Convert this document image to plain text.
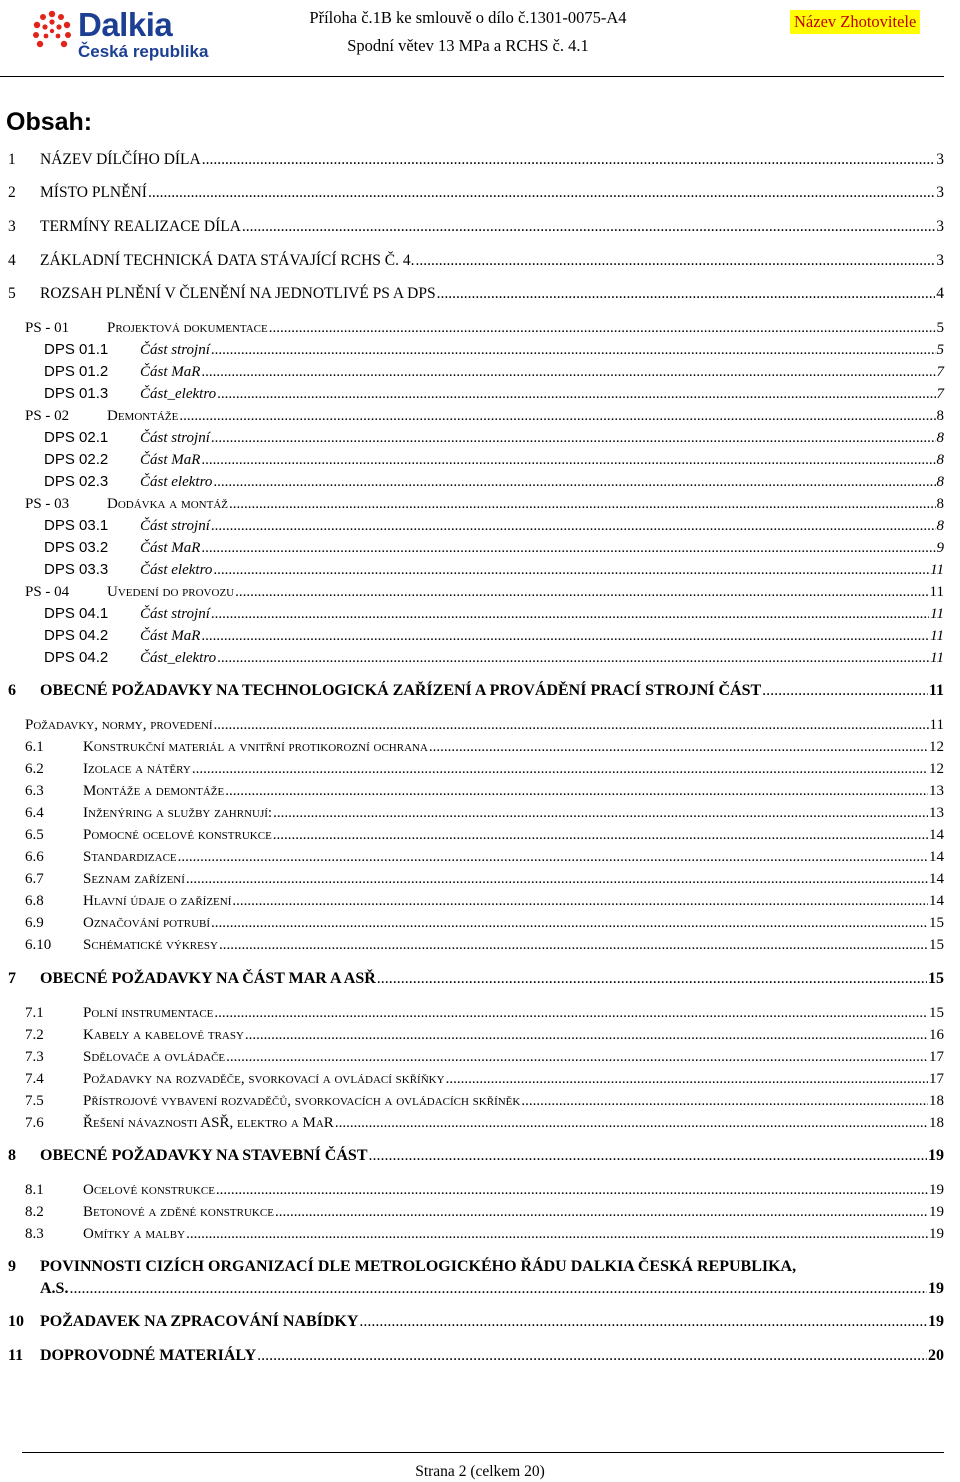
Dalkia
Česká republika
Příloha č.1B ke smlouvě o dílo č.1301-0075-A4
Spodní větev 13 MPa a RCHS č. 4.1
Název Zhotovitele
Obsah:
1 NÁZEV DÍLČÍHO DÍLA .....	3
2 MÍSTO PLNĚNÍ .....	3
3 TERMÍNY REALIZACE DÍLA .....	3
4 ZÁKLADNÍ TECHNICKÁ DATA STÁVAJÍCÍ RCHS Č. 4. .....	3
5 ROZSAH PLNĚNÍ V ČLENĚNÍ NA JEDNOTLIVÉ PS A DPS .....	4
PS - 01	Projektová dokumentace .....	5
DPS 01.1 Část strojní .....	5
DPS 01.2 Část MaR .....	7
DPS 01.3 Část_elektro .....	7
PS - 02	Demontáže .....	8
DPS 02.1 Část strojní .....	8
DPS 02.2 Část MaR .....	8
DPS 02.3 Část elektro .....	8
PS - 03	Dodávka a montáž .....	8
DPS 03.1 Část strojní .....	8
DPS 03.2 Část MaR .....	9
DPS 03.3 Část elektro .....	11
PS - 04	Uvedení do provozu .....	11
DPS 04.1 Část strojní .....	11
DPS 04.2 Část MaR .....	11
DPS 04.2 Část_elektro .....	11
6 OBECNÉ POŽADAVKY NA TECHNOLOGICKÁ ZAŘÍZENÍ A PROVÁDĚNÍ PRACÍ STROJNÍ ČÁST .....	11
Požadavky, normy, provedení .....	11
6.1	Konstrukční materiál a vnitřní protikorozní ochrana .....	12
6.2	Izolace a nátěry .....	12
6.3	Montáže a demontáže .....	13
6.4	Inženýring a služby zahrnují: .....	13
6.5	Pomocné ocelové konstrukce .....	14
6.6	Standardizace .....	14
6.7	Seznam zařízení .....	14
6.8	Hlavní údaje o zařízení .....	14
6.9	Označování potrubí .....	15
6.10 Schématické výkresy .....	15
7 OBECNÉ POŽADAVKY NA ČÁST MAR A ASŘ .....	15
7.1	Polní instrumentace .....	15
7.2	Kabely a kabelové trasy .....	16
7.3	Sdělovače a ovládače .....	17
7.4	Požadavky na rozvaděče, svorkovací a ovládací skříňky .....	17
7.5	Přístrojové vybavení rozvaděčů, svorkovacích a ovládacích skříněk .....	18
7.6	Řešení návaznosti ASŘ, elektro a MaR .....	18
8 OBECNÉ POŽADAVKY NA STAVEBNÍ ČÁST .....	19
8.1	Ocelové konstrukce .....	19
8.2	Betonové a zděné konstrukce .....	19
8.3	Omítky a malby .....	19
9 POVINNOSTI CIZÍCH ORGANIZACÍ DLE METROLOGICKÉHO ŘÁDU DALKIA ČESKÁ REPUBLIKA,
A.S. .....	19
10 POŽADAVEK NA ZPRACOVÁNÍ NABÍDKY .....	19
11 DOPROVODNÉ MATERIÁLY .....	20
Strana 2 (celkem 20)
